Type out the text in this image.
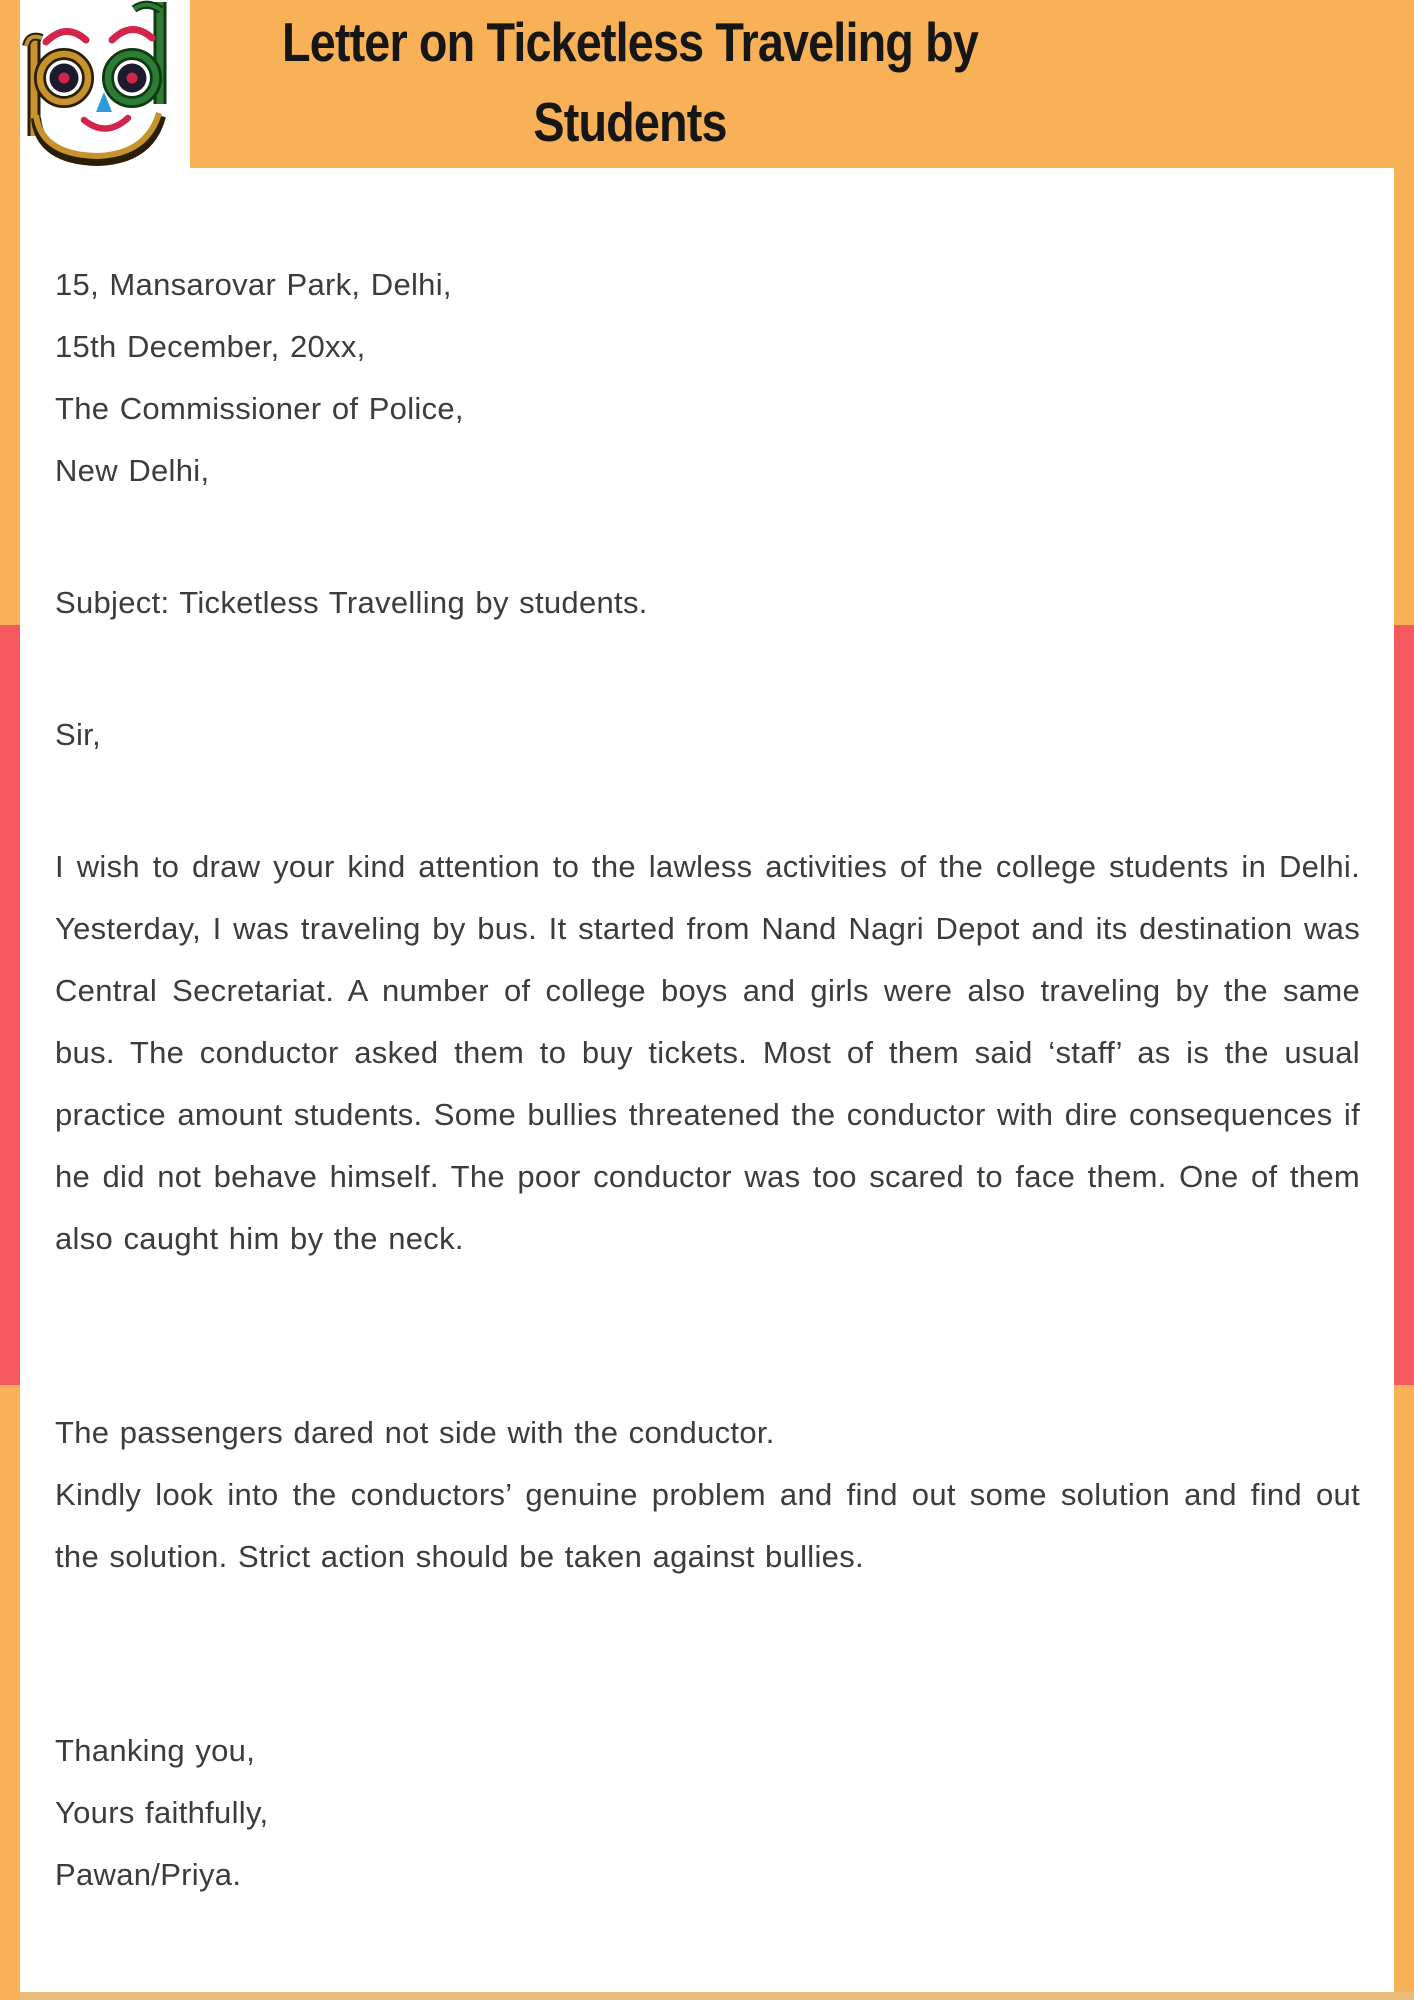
Letter on Ticketless Traveling by
Students

15, Mansarovar Park, Delhi,
15th December, 20xx,
The Commissioner of Police,
New Delhi,

Subject: Ticketless Travelling by students.

Sir,

I wish to draw your kind attention to the lawless activities of the college students in Delhi. Yesterday, I was traveling by bus. It started from Nand Nagri Depot and its destination was Central Secretariat. A number of college boys and girls were also traveling by the same bus. The conductor asked them to buy tickets. Most of them said ‘staff’ as is the usual practice amount students. Some bullies threatened the conductor with dire consequences if he did not behave himself. The poor conductor was too scared to face them. One of them also caught him by the neck.

The passengers dared not side with the conductor.

Kindly look into the conductors’ genuine problem and find out some solution and find out the solution. Strict action should be taken against bullies.

Thanking you,
Yours faithfully,
Pawan/Priya.
